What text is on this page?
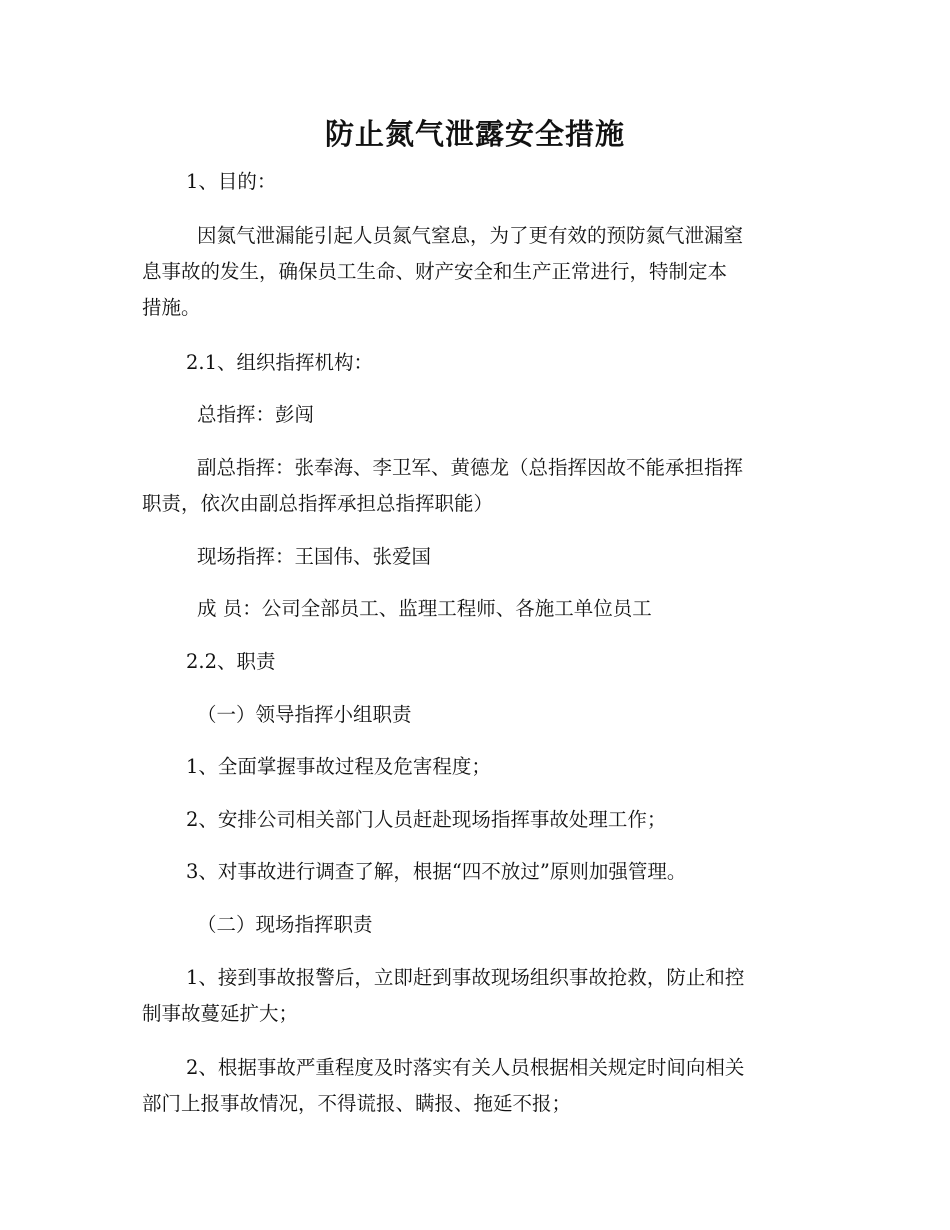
防止氮气泄露安全措施
1、目的：
因氮气泄漏能引起人员氮气窒息，为了更有效的预防氮气泄漏窒
息事故的发生，确保员工生命、财产安全和生产正常进行，特制定本
措施。
2.1、组织指挥机构：
总指挥：彭闯
副总指挥：张奉海、李卫军、黄德龙（总指挥因故不能承担指挥
职责，依次由副总指挥承担总指挥职能）
现场指挥：王国伟、张爱国
成 员：公司全部员工、监理工程师、各施工单位员工
2.2、职责
（一）领导指挥小组职责
1、全面掌握事故过程及危害程度；
2、安排公司相关部门人员赶赴现场指挥事故处理工作；
3、对事故进行调查了解，根据“四不放过”原则加强管理。
（二）现场指挥职责
1、接到事故报警后，立即赶到事故现场组织事故抢救，防止和控
制事故蔓延扩大；
2、根据事故严重程度及时落实有关人员根据相关规定时间向相关
部门上报事故情况，不得谎报、瞒报、拖延不报；
